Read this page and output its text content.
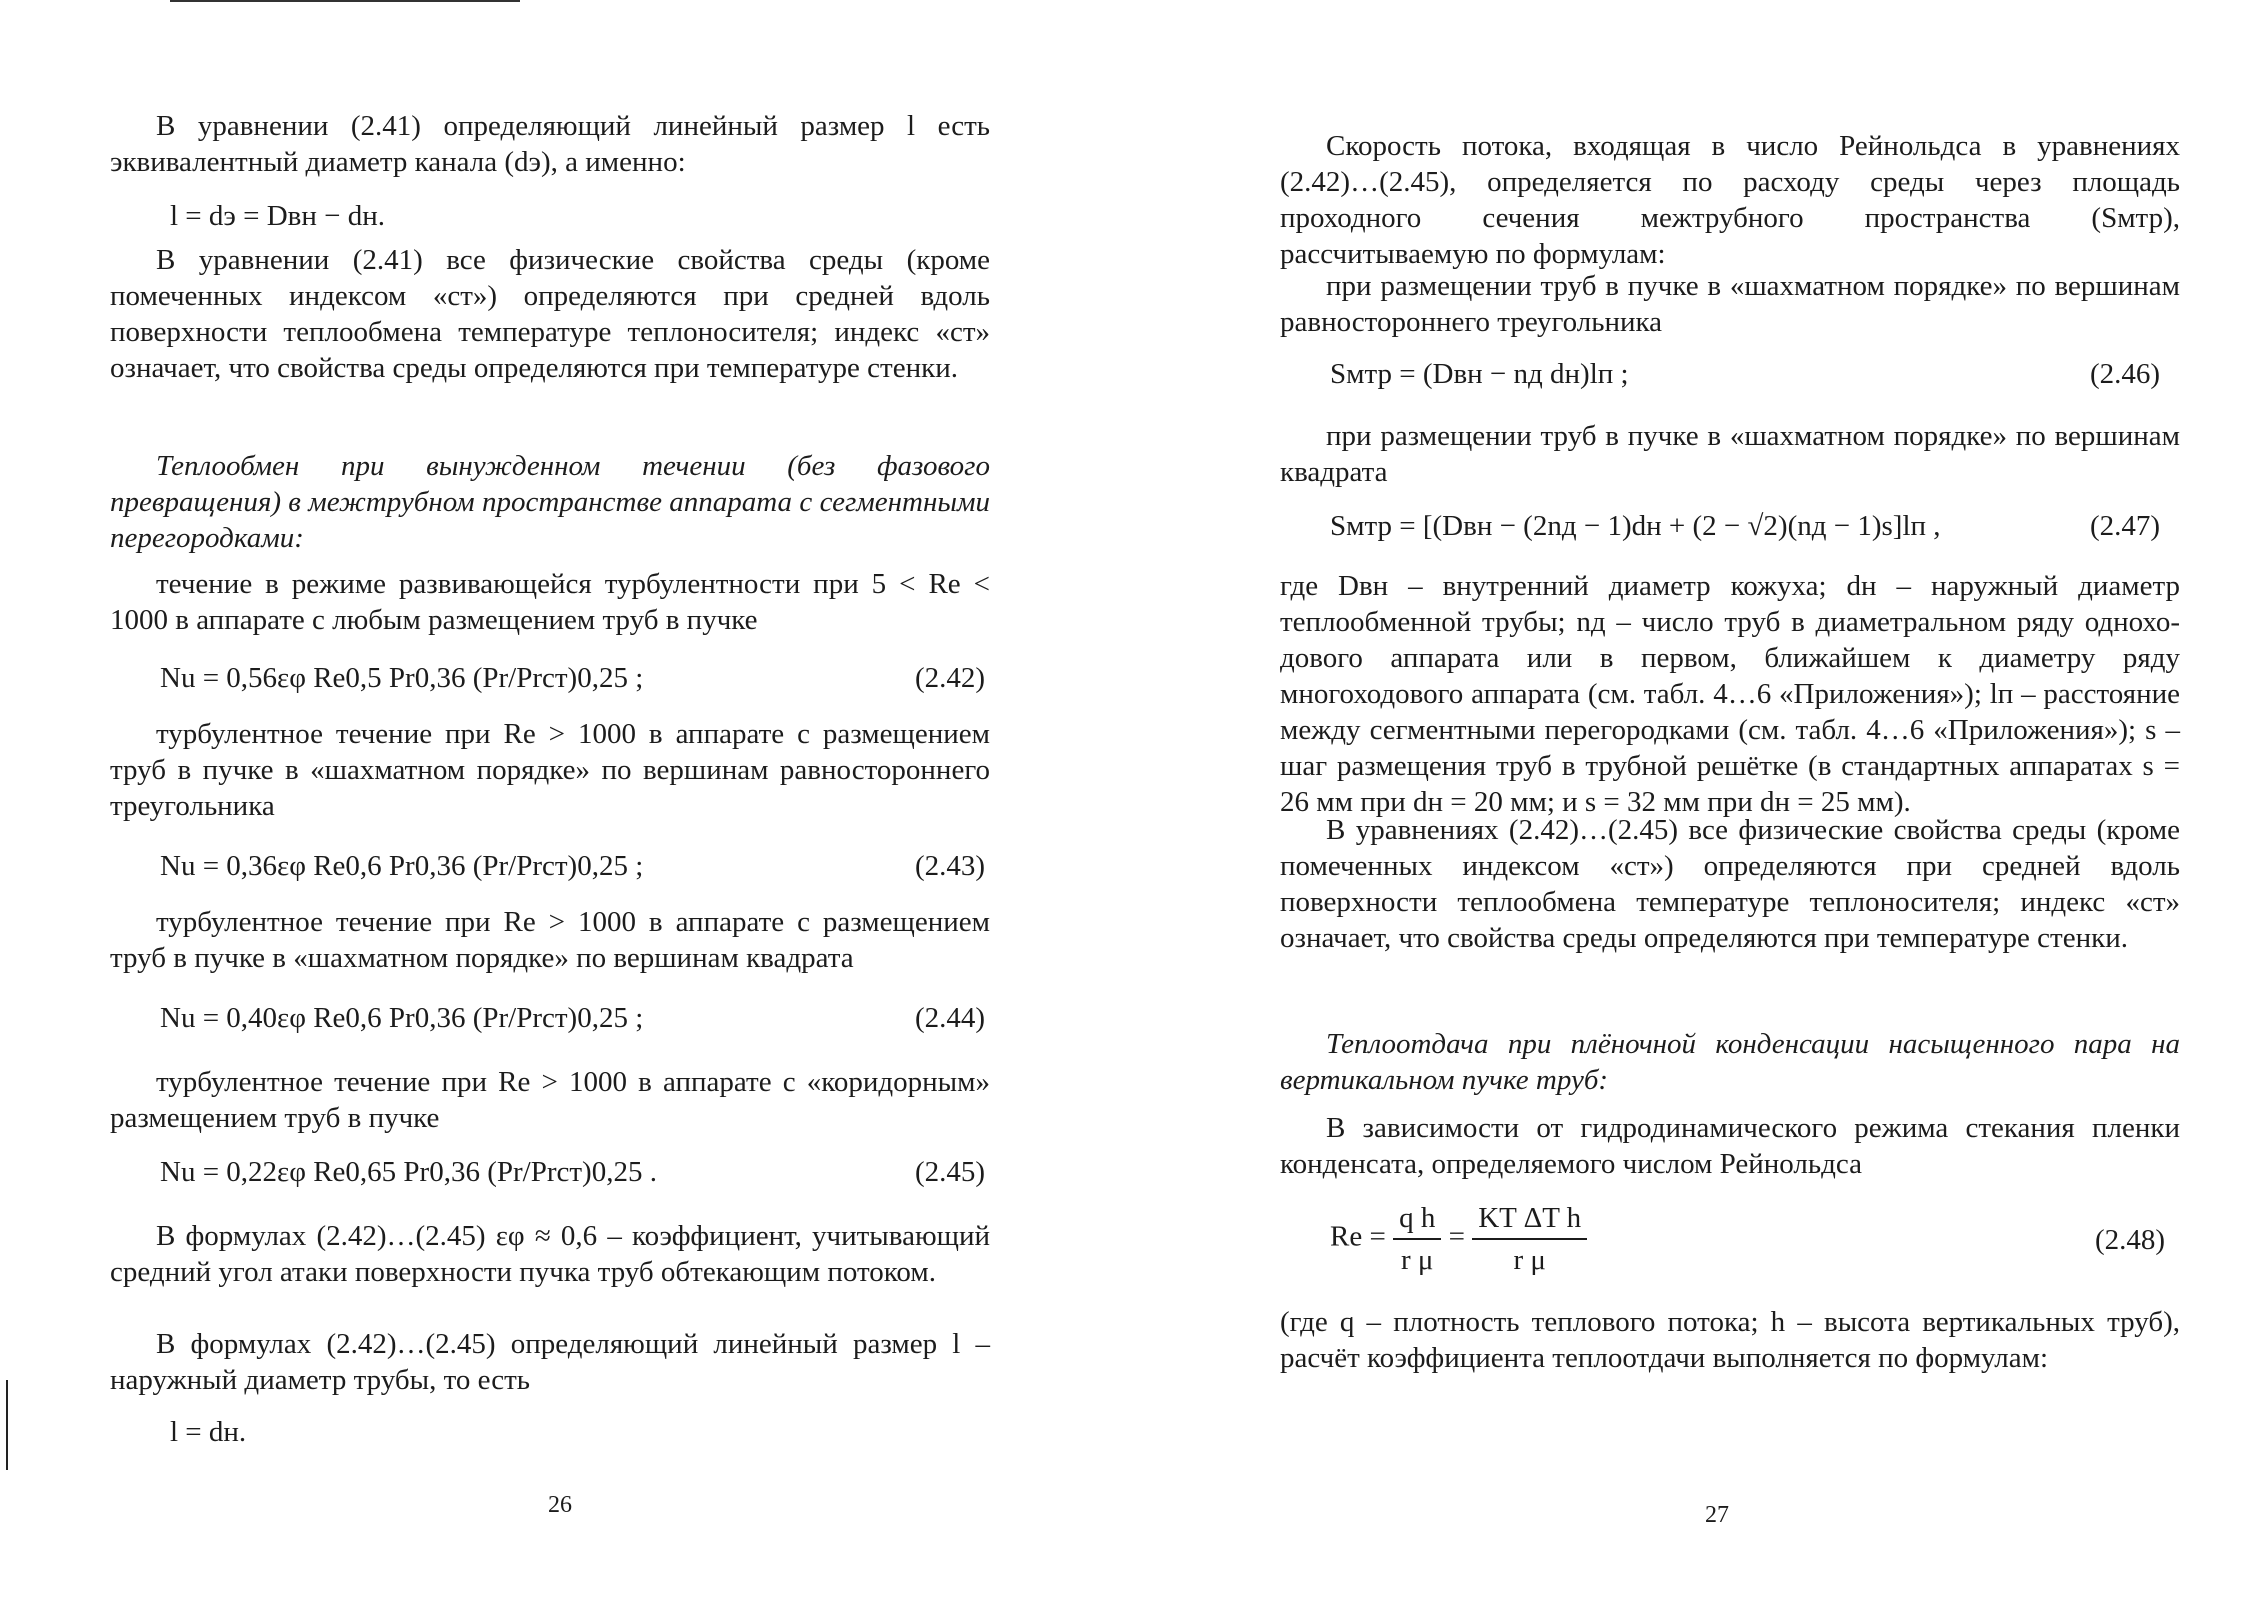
В уравнении (2.41) определяющий линейный размер l есть эквивалентный диаметр канала (dэ), а именно:

l = dэ = Dвн − dн.

В уравнении (2.41) все физические свойства среды (кроме помеченных индексом «ст») определяются при средней вдоль поверхности теплообмена температуре теплоносителя; индекс «ст» означает, что свойства среды определяются при температуре стенки.

Теплообмен при вынужденном течении (без фазового превращения) в межтрубном пространстве аппарата с сегментными перегородками:

течение в режиме развивающейся турбулентности при 5 < Re < 1000 в аппарате с любым размещением труб в пучке

Nu = 0,56εφ Re0,5 Pr0,36 (Pr/Prст)0,25 ;	(2.42)

турбулентное течение при Re > 1000 в аппарате с размещением труб в пучке в «шахматном порядке» по вершинам равностороннего треугольника

Nu = 0,36εφ Re0,6 Pr0,36 (Pr/Prст)0,25 ;	(2.43)

турбулентное течение при Re > 1000 в аппарате с размещением труб в пучке в «шахматном порядке» по вершинам квадрата

Nu = 0,40εφ Re0,6 Pr0,36 (Pr/Prст)0,25 ;	(2.44)

турбулентное течение при Re > 1000 в аппарате с «коридорным» размещением труб в пучке

Nu = 0,22εφ Re0,65 Pr0,36 (Pr/Prст)0,25 .	(2.45)

В формулах (2.42)…(2.45) εφ ≈ 0,6 – коэффициент, учитывающий средний угол атаки поверхности пучка труб обтекающим потоком.

В формулах (2.42)…(2.45) определяющий линейный размер l – наружный диаметр трубы, то есть

l = dн.
26

Скорость потока, входящая в число Рейнольдса в уравнениях (2.42)…(2.45), определяется по расходу среды через площадь проходного сечения межтрубного пространства (Sмтр), рассчитываемую по формулам:

при размещении труб в пучке в «шахматном порядке» по вершинам равностороннего треугольника

Sмтр = (Dвн − nд dн)lп ;	(2.46)

при размещении труб в пучке в «шахматном порядке» по вершинам квадрата

Sмтр = [(Dвн − (2nд − 1)dн + (2 − √2)(nд − 1)s]lп ,	(2.47)

где Dвн – внутренний диаметр кожуха; dн – наружный диаметр теплообменной трубы; nд – число труб в диаметральном ряду одноходового аппарата или в первом, ближайшем к диаметру ряду многоходового аппарата (см. табл. 4…6 «Приложения»); lп – расстояние между сегментными перегородками (см. табл. 4…6 «Приложения»); s – шаг размещения труб в трубной решётке (в стандартных аппаратах s = 26 мм при dн = 20 мм; и s = 32 мм при dн = 25 мм).

В уравнениях (2.42)…(2.45) все физические свойства среды (кроме помеченных индексом «ст») определяются при средней вдоль поверхности теплообмена температуре теплоносителя; индекс «ст» означает, что свойства среды определяются при температуре стенки.

Теплоотдача при плёночной конденсации насыщенного пара на вертикальном пучке труб:

В зависимости от гидродинамического режима стекания пленки конденсата, определяемого числом Рейнольдса

$Re = \frac{\text{q h}}{\text{r μ}} = \frac{\text{KT ΔT h}}{\text{r μ}}$	(2.48)

(где q – плотность теплового потока; h – высота вертикальных труб), расчёт коэффициента теплоотдачи выполняется по формулам:

27
